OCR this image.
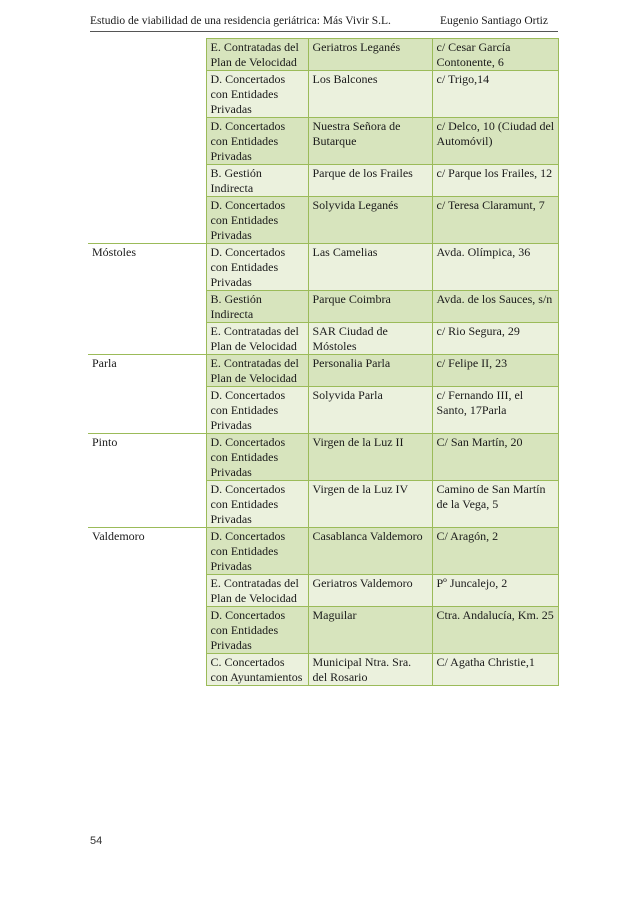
Estudio de viabilidad de una residencia geriátrica: Más Vivir S.L.	Eugenio Santiago Ortiz
	E. Contratadas del Plan de Velocidad	Geriatros Leganés	c/ Cesar García Contonente, 6
	D. Concertados con Entidades Privadas	Los Balcones	c/ Trigo,14
	D. Concertados con Entidades Privadas	Nuestra Señora de Butarque	c/ Delco, 10 (Ciudad del Automóvil)
	B. Gestión Indirecta	Parque de los Frailes	c/ Parque los Frailes, 12
	D. Concertados con Entidades Privadas	Solyvida Leganés	c/ Teresa Claramunt, 7
Móstoles	D. Concertados con Entidades Privadas	Las Camelias	Avda. Olímpica, 36
	B. Gestión Indirecta	Parque Coimbra	Avda. de los Sauces, s/n
	E. Contratadas del Plan de Velocidad	SAR Ciudad de Móstoles	c/ Rio Segura, 29
Parla	E. Contratadas del Plan de Velocidad	Personalia Parla	c/ Felipe II, 23
	D. Concertados con Entidades Privadas	Solyvida Parla	c/ Fernando III, el Santo, 17Parla
Pinto	D. Concertados con Entidades Privadas	Virgen de la Luz II	C/ San Martín, 20
	D. Concertados con Entidades Privadas	Virgen de la Luz IV	Camino de San Martín de la Vega, 5
Valdemoro	D. Concertados con Entidades Privadas	Casablanca Valdemoro	C/ Aragón, 2
	E. Contratadas del Plan de Velocidad	Geriatros Valdemoro	Pº Juncalejo, 2
	D. Concertados con Entidades Privadas	Maguilar	Ctra. Andalucía, Km. 25
	C. Concertados con Ayuntamientos	Municipal Ntra. Sra. del Rosario	C/ Agatha Christie,1
54
